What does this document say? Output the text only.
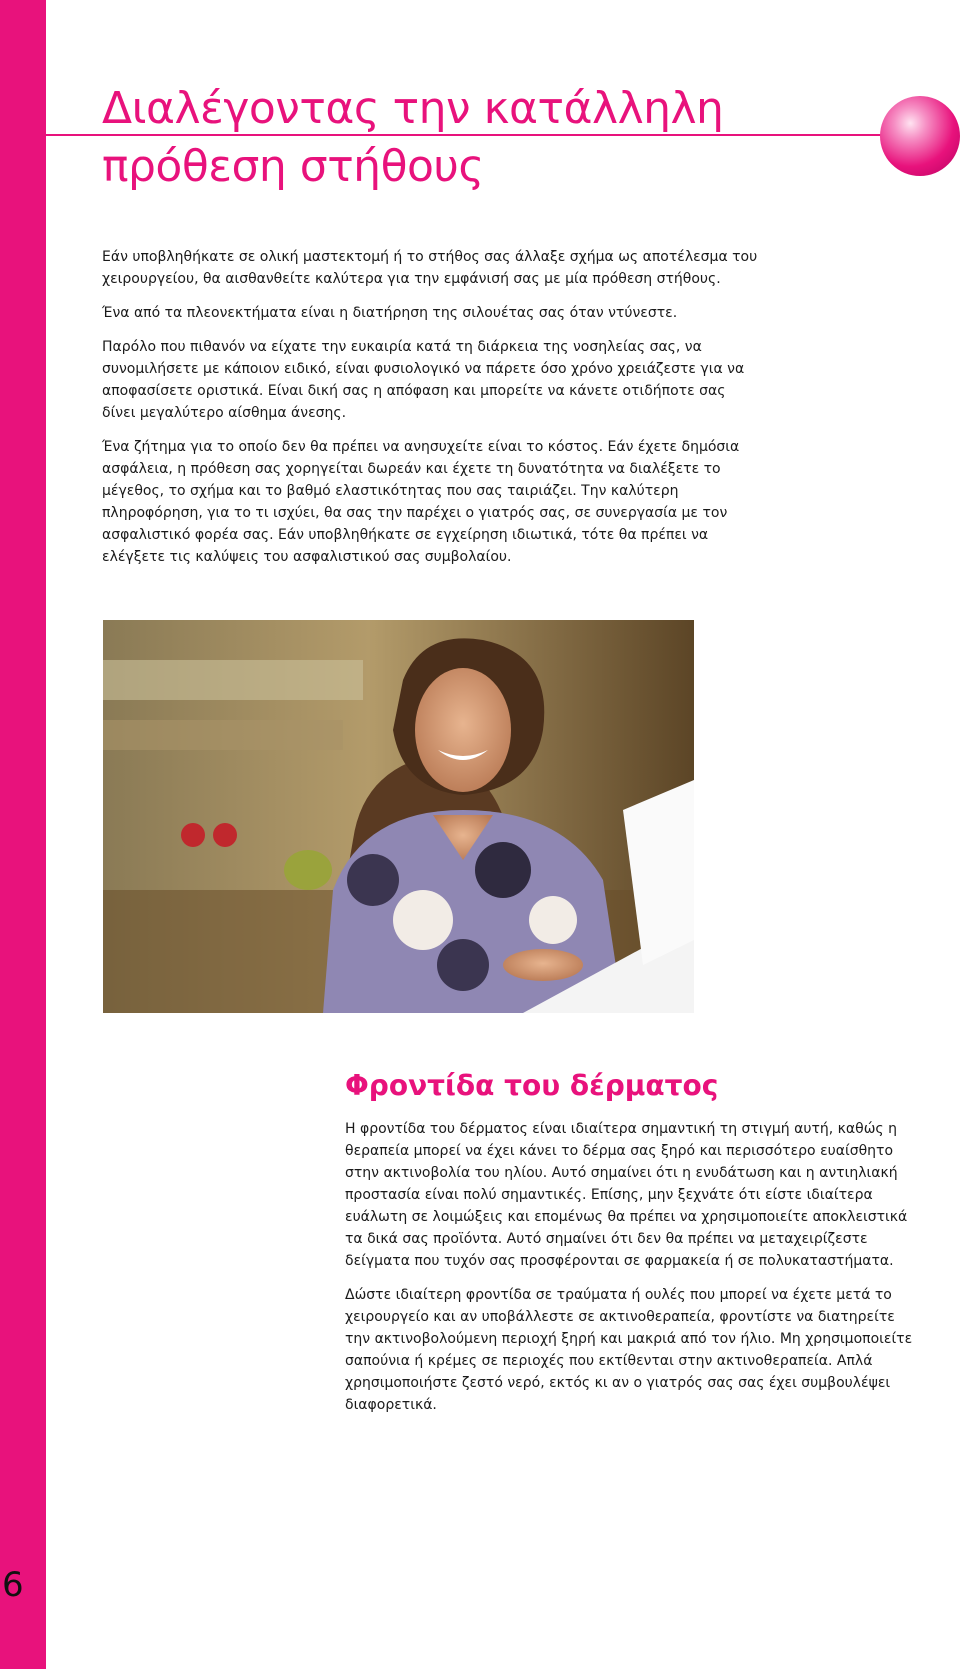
6
Διαλέγοντας την κατάλληλη
πρόθεση στήθους

Εάν υποβληθήκατε σε ολική μαστεκτομή ή το στήθος σας άλλαξε σχήμα ως αποτέλεσμα του χειρουργείου, θα αισθανθείτε καλύτερα για την εμφάνισή σας με μία πρόθεση στήθους.

Ένα από τα πλεονεκτήματα είναι η διατήρηση της σιλουέτας σας όταν ντύνεστε.

Παρόλο που πιθανόν να είχατε την ευκαιρία κατά τη διάρκεια της νοσηλείας σας, να συνομιλήσετε με κάποιον ειδικό, είναι φυσιολογικό να πάρετε όσο χρόνο χρειάζεστε για να αποφασίσετε οριστικά. Είναι δική σας η απόφαση και μπορείτε να κάνετε οτιδήποτε σας δίνει μεγαλύτερο αίσθημα άνεσης.

Ένα ζήτημα για το οποίο δεν θα πρέπει να ανησυχείτε είναι το κόστος. Εάν έχετε δημόσια ασφάλεια, η πρόθεση σας χορηγείται δωρεάν και έχετε τη δυνατότητα να διαλέξετε το μέγεθος, το σχήμα και το βαθμό ελαστικότητας που σας ταιριάζει. Την καλύτερη πληροφόρηση, για το τι ισχύει, θα σας την παρέχει ο γιατρός σας, σε συνεργασία με τον ασφαλιστικό φορέα σας. Εάν υποβληθήκατε σε εγχείρηση ιδιωτικά, τότε θα πρέπει να ελέγξετε τις καλύψεις του ασφαλιστικού σας συμβολαίου.

Φροντίδα του δέρματος

Η φροντίδα του δέρματος είναι ιδιαίτερα σημαντική τη στιγμή αυτή, καθώς η θεραπεία μπορεί να έχει κάνει το δέρμα σας ξηρό και περισσότερο ευαίσθητο στην ακτινοβολία του ηλίου. Αυτό σημαίνει ότι η ενυδάτωση και η αντιηλιακή προστασία είναι πολύ σημαντικές. Επίσης, μην ξεχνάτε ότι είστε ιδιαίτερα ευάλωτη σε λοιμώξεις και επομένως θα πρέπει να χρησιμοποιείτε αποκλειστικά τα δικά σας προϊόντα. Αυτό σημαίνει ότι δεν θα πρέπει να μεταχειρίζεστε δείγματα που τυχόν σας προσφέρονται σε φαρμακεία ή σε πολυκαταστήματα.

Δώστε ιδιαίτερη φροντίδα σε τραύματα ή ουλές που μπορεί να έχετε μετά το χειρουργείο και αν υποβάλλεστε σε ακτινοθεραπεία, φροντίστε να διατηρείτε την ακτινοβολούμενη περιοχή ξηρή και μακριά από τον ήλιο. Μη χρησιμοποιείτε σαπούνια ή κρέμες σε περιοχές που εκτίθενται στην ακτινοθεραπεία. Απλά χρησιμοποιήστε ζεστό νερό, εκτός κι αν ο γιατρός σας σας έχει συμβουλέψει διαφορετικά.
